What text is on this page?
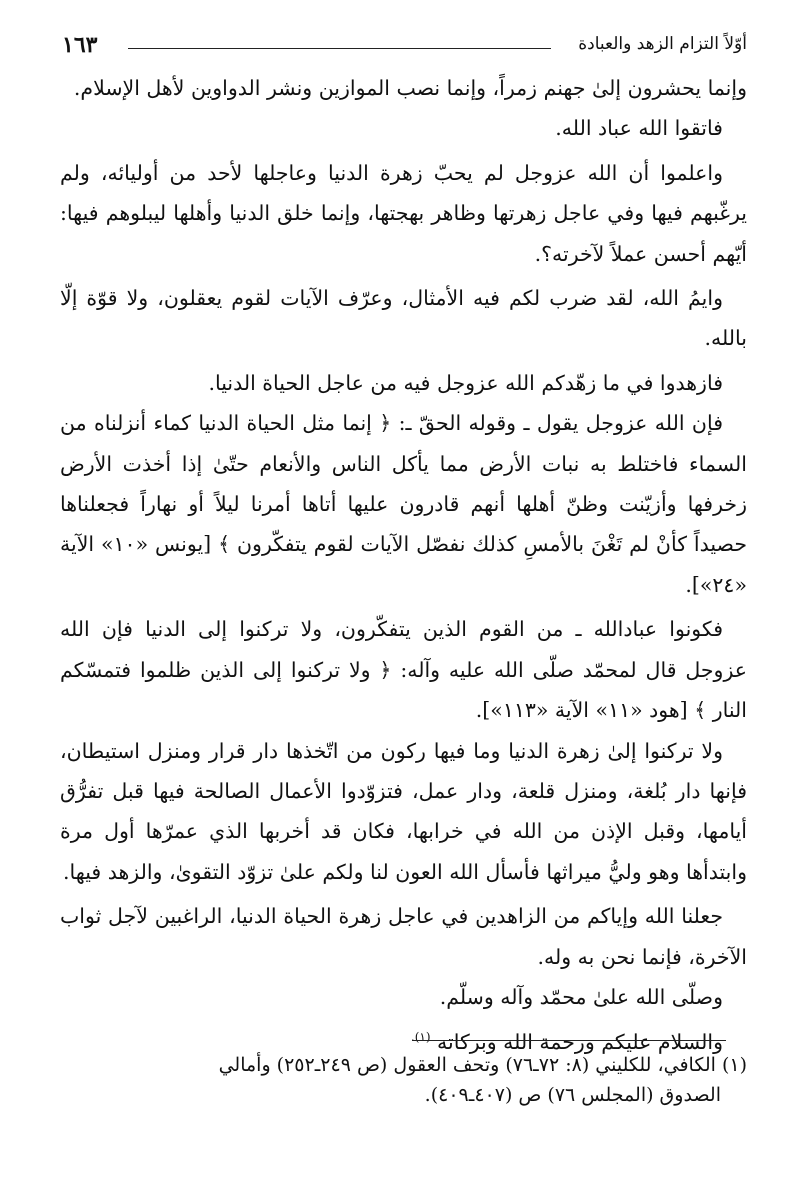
أوّلاً التزام الزهد والعبادة
١٦٣

وإنما يحشرون إلىٰ جهنم زمراً، وإنما نصب الموازين ونشر الدواوين لأهل الإسلام.

فاتقوا الله عباد الله.

واعلموا أن الله عزوجل لم يحبّ زهرة الدنيا وعاجلها لأحد من أوليائه، ولم يرغّبهم فيها وفي عاجل زهرتها وظاهر بهجتها، وإنما خلق الدنيا وأهلها ليبلوهم فيها: أيّهم أحسن عملاً لآخرته؟.

وايمُ الله، لقد ضرب لكم فيه الأمثال، وعرّف الآيات لقوم يعقلون، ولا قوّة إلّا بالله.

فازهدوا في ما زهّدكم الله عزوجل فيه من عاجل الحياة الدنيا.

فإن الله عزوجل يقول ـ وقوله الحقّ ـ: ﴿ إنما مثل الحياة الدنيا كماء أنزلناه من السماء فاختلط به نبات الأرض مما يأكل الناس والأنعام حتّىٰ إذا أخذت الأرض زخرفها وأزيّنت وظنّ أهلها أنهم قادرون عليها أتاها أمرنا ليلاً أو نهاراً فجعلناها حصيداً كأنْ لم تَغْنَ بالأمسِ كذلك نفصّل الآيات لقوم يتفكّرون ﴾ [يونس «١٠» الآية «٢٤»].

فكونوا عبادالله ـ من القوم الذين يتفكّرون، ولا تركنوا إلى الدنيا فإن الله عزوجل قال لمحمّد صلّى الله عليه وآله: ﴿ ولا تركنوا إلى الذين ظلموا فتمسّكم النار ﴾ [هود «١١» الآية «١١٣»].

ولا تركنوا إلىٰ زهرة الدنيا وما فيها ركون من اتّخذها دار قرار ومنزل استيطان، فإنها دار بُلغة، ومنزل قلعة، ودار عمل، فتزوّدوا الأعمال الصالحة فيها قبل تفرُّق أيامها، وقبل الإذن من الله في خرابها، فكان قد أخربها الذي عمرّها أول مرة وابتدأها وهو وليُّ ميراثها فأسأل الله العون لنا ولكم علىٰ تزوّد التقوىٰ، والزهد فيها.

جعلنا الله وإياكم من الزاهدين في عاجل زهرة الحياة الدنيا، الراغبين لآجل ثواب الآخرة، فإنما نحن به وله.

وصلّى الله علىٰ محمّد وآله وسلّم.

والسلام عليكم ورحمة الله وبركاته $^{(١).}$

(١) الكافي، للكليني (٨: ٧٢ـ٧٦) وتحف العقول (ص ٢٤٩ـ٢٥٢) وأمالي

الصدوق (المجلس ٧٦) ص (٤٠٧ـ٤٠٩).
